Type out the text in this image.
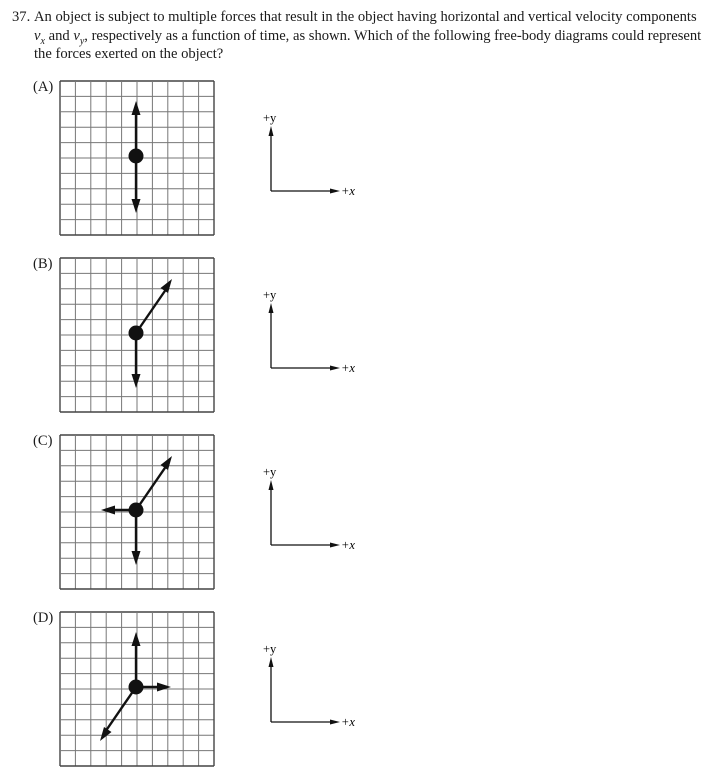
37. An object is subject to multiple forces that result in the object having horizontal and vertical velocity components $v_x$ and $v_y$, respectively as a function of time, as shown. Which of the following free-body diagrams could represent the forces exerted on the object?
(A)
+y
+x
(B)
+y
+x
(C)
+y
+x
(D)
+y
+x
